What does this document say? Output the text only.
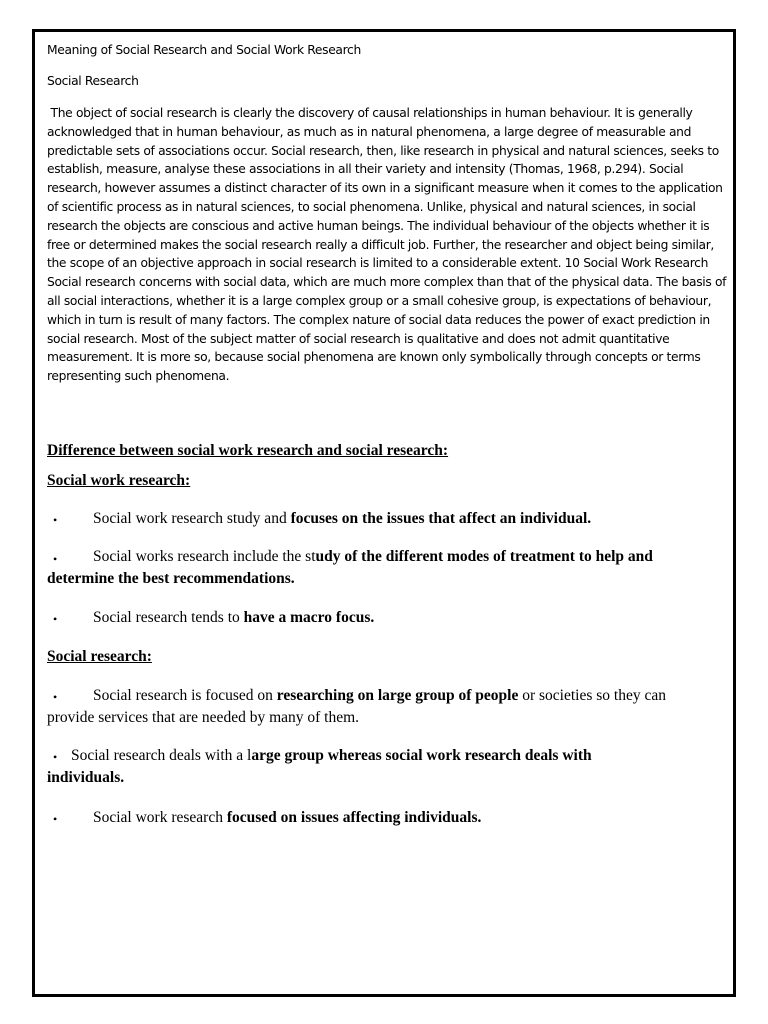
Meaning of Social Research and Social Work Research
Social Research
The object of social research is clearly the discovery of causal relationships in human behaviour. It is generally
acknowledged that in human behaviour, as much as in natural phenomena, a large degree of measurable and
predictable sets of associations occur. Social research, then, like research in physical and natural sciences, seeks to
establish, measure, analyse these associations in all their variety and intensity (Thomas, 1968, p.294). Social
research, however assumes a distinct character of its own in a significant measure when it comes to the application
of scientific process as in natural sciences, to social phenomena. Unlike, physical and natural sciences, in social
research the objects are conscious and active human beings. The individual behaviour of the objects whether it is
free or determined makes the social research really a difficult job. Further, the researcher and object being similar,
the scope of an objective approach in social research is limited to a considerable extent. 10 Social Work Research
Social research concerns with social data, which are much more complex than that of the physical data. The basis of
all social interactions, whether it is a large complex group or a small cohesive group, is expectations of behaviour,
which in turn is result of many factors. The complex nature of social data reduces the power of exact prediction in
social research. Most of the subject matter of social research is qualitative and does not admit quantitative
measurement. It is more so, because social phenomena are known only symbolically through concepts or terms
representing such phenomena.
Difference between social work research and social research:
Social work research:
• Social work research study and focuses on the issues that affect an individual.
• Social works research include the study of the different modes of treatment to help and
determine the best recommendations.
• Social research tends to have a macro focus.
Social research:
• Social research is focused on researching on large group of people or societies so they can
provide services that are needed by many of them.
• Social research deals with a large group whereas social work research deals with
individuals.
• Social work research focused on issues affecting individuals.
